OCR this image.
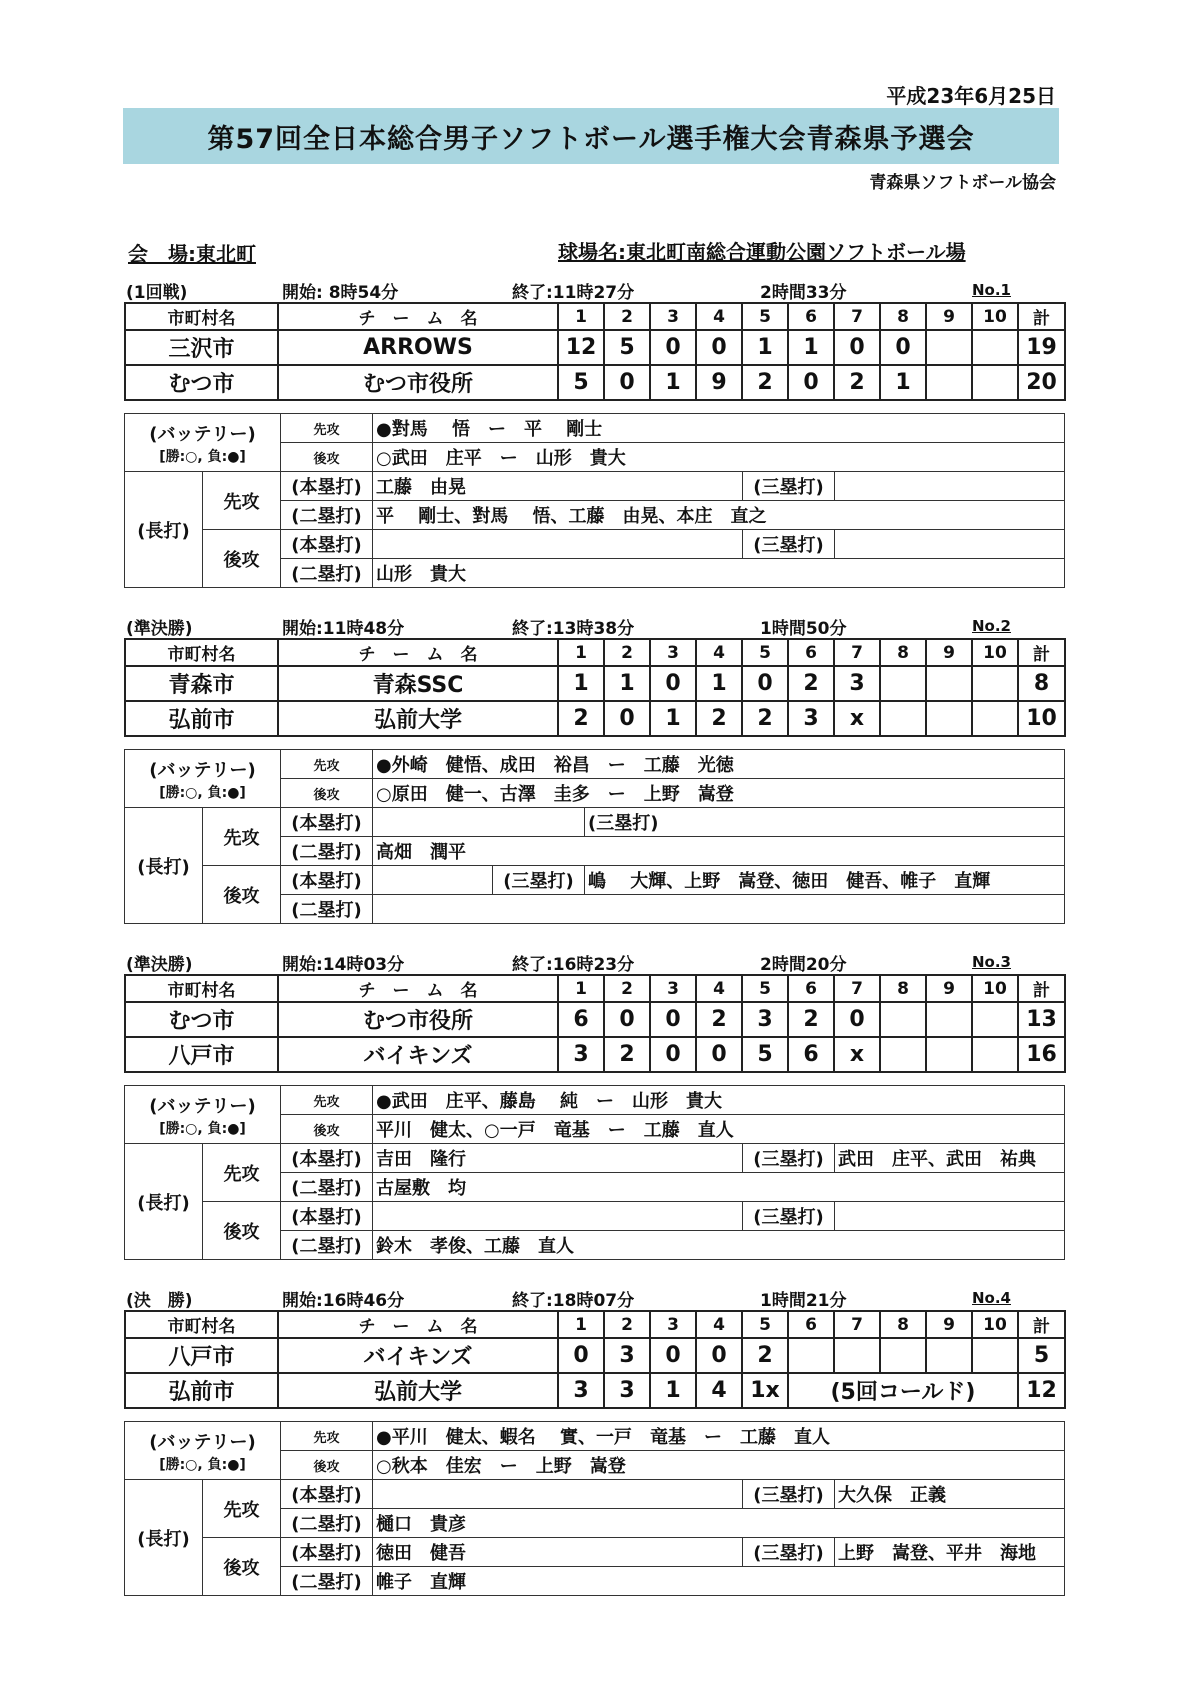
平成23年6月25日
第57回全日本総合男子ソフトボール選手権大会青森県予選会
青森県ソフトボール協会
会　場:東北町	球場名:東北町南総合運動公園ソフトボール場
(1回戦)	開始: 8時54分	終了:11時27分	2時間33分	No.1
市町村名	チ　ー　ム　名	1	2	3	4	5	6	7	8	9	10	計
三沢市	ARROWS	12	5	0	0	1	1	0	0			19
むつ市	むつ市役所	5	0	1	9	2	0	2	1			20
(バッテリー)
[勝:○, 負:●]		先攻	●對馬　 悟　ー　平　 剛士		
		後攻	○武田　庄平　ー　山形　貴大		
(長打)	先攻	(本塁打)	工藤　由晃	(三塁打)	
		(二塁打)	平　 剛士、對馬　 悟、工藤　由晃、本庄　直之		
	後攻	(本塁打)		(三塁打)	
		(二塁打)	山形　貴大		
(準決勝)	開始:11時48分	終了:13時38分	1時間50分	No.2
市町村名	チ　ー　ム　名	1	2	3	4	5	6	7	8	9	10	計
青森市	青森SSC	1	1	0	1	0	2	3				8
弘前市	弘前大学	2	0	1	2	2	3	x				10
(バッテリー)
[勝:○, 負:●]		先攻	●外崎　健悟、成田　裕昌　ー　工藤　光徳		
		後攻	○原田　健一、古澤　圭多　ー　上野　嵩登		
(長打)	先攻	(本塁打)			(三塁打)
		(二塁打)	高畑　潤平		
	後攻	(本塁打)		(三塁打)	嶋　 大輝、上野　嵩登、徳田　健吾、帷子　直輝
		(二塁打)			
(準決勝)	開始:14時03分	終了:16時23分	2時間20分	No.3
市町村名	チ　ー　ム　名	1	2	3	4	5	6	7	8	9	10	計
むつ市	むつ市役所	6	0	0	2	3	2	0				13
八戸市	バイキンズ	3	2	0	0	5	6	x				16
(バッテリー)
[勝:○, 負:●]		先攻	●武田　庄平、藤島　 純　ー　山形　貴大		
		後攻	平川　健太、○一戸　竜基　ー　工藤　直人		
(長打)	先攻	(本塁打)	吉田　隆行	(三塁打)	武田　庄平、武田　祐典
		(二塁打)	古屋敷　均		
	後攻	(本塁打)		(三塁打)	
		(二塁打)	鈴木　孝俊、工藤　直人		
(決　勝)	開始:16時46分	終了:18時07分	1時間21分	No.4
市町村名	チ　ー　ム　名	1	2	3	4	5	6	7	8	9	10	計
八戸市	バイキンズ	0	3	0	0	2						5
弘前市	弘前大学	3	3	1	4	1x	(5回コールド)					12
(バッテリー)
[勝:○, 負:●]		先攻	●平川　健太、蝦名　 實、一戸　竜基　ー　工藤　直人		
		後攻	○秋本　佳宏　ー　上野　嵩登		
(長打)	先攻	(本塁打)		(三塁打)	大久保　正義
		(二塁打)	樋口　貴彦		
	後攻	(本塁打)	徳田　健吾	(三塁打)	上野　嵩登、平井　海地
		(二塁打)	帷子　直輝		
